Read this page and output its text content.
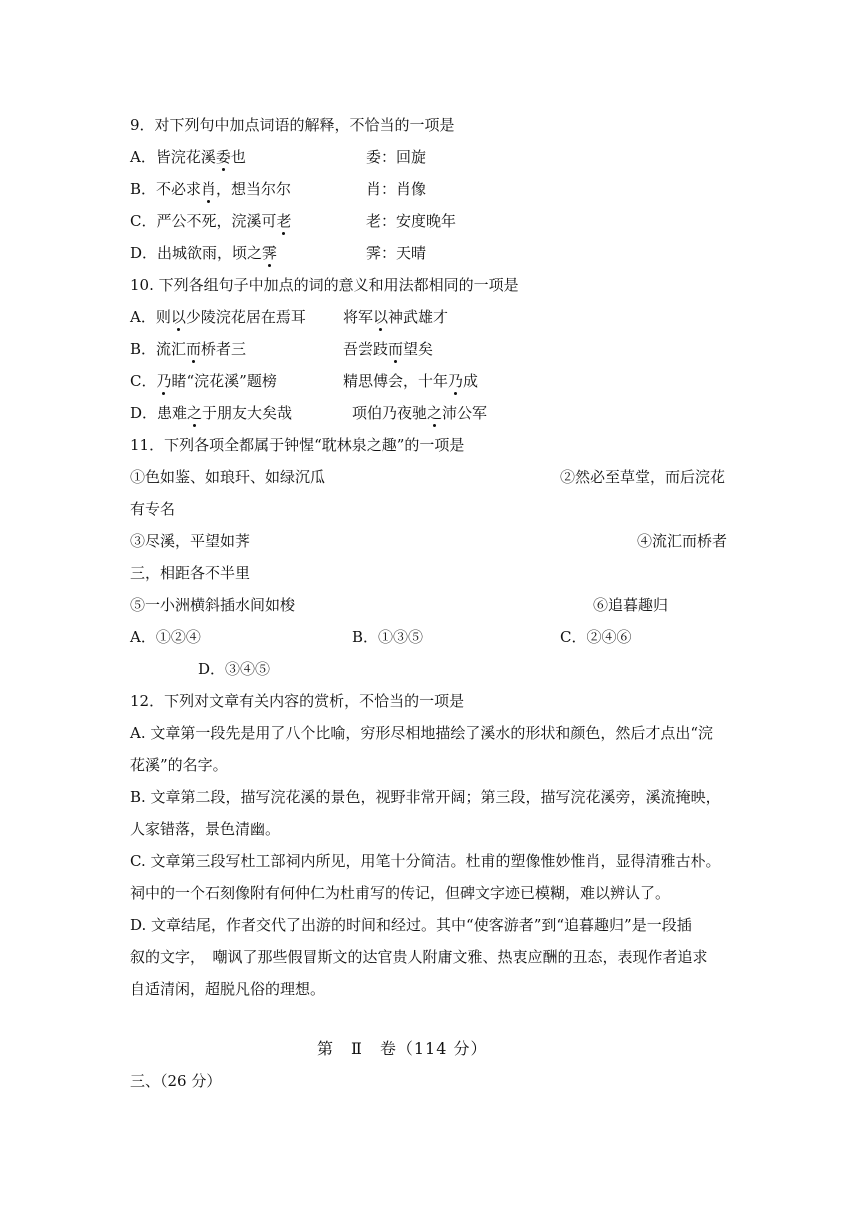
9．对下列句中加点词语的解释，不恰当的一项是
A．皆浣花溪委也	委：回旋
B．不必求肖，想当尔尔	肖：肖像
C．严公不死，浣溪可老	老：安度晚年
D．出城欲雨，顷之霁	霁：天晴
10. 下列各组句子中加点的词的意义和用法都相同的一项是
A．则以少陵浣花居在焉耳 将军以神武雄才
B．流汇而桥者三	吾尝跂而望矣
C．乃睹“浣花溪”题榜	精思傅会，十年乃成
D．患难之于朋友大矣哉	项伯乃夜驰之沛公军
11．下列各项全都属于钟惺“耽林泉之趣”的一项是
①色如鉴、如琅玕、如绿沉瓜	②然必至草堂，而后浣花
有专名
③尽溪，平望如荠	④流汇而桥者
三，相距各不半里
⑤一小洲横斜插水间如梭	⑥追暮趣归
A．①②④	B．①③⑤	C．②④⑥
D．③④⑤
12．下列对文章有关内容的赏析，不恰当的一项是
A. 文章第一段先是用了八个比喻，穷形尽相地描绘了溪水的形状和颜色，然后才点出“浣
花溪”的名字。
B. 文章第二段，描写浣花溪的景色，视野非常开阔；第三段，描写浣花溪旁，溪流掩映，
人家错落，景色清幽。
C. 文章第三段写杜工部祠内所见，用笔十分简洁。杜甫的塑像惟妙惟肖，显得清雅古朴。
祠中的一个石刻像附有何仲仁为杜甫写的传记，但碑文字迹已模糊，难以辨认了。
D. 文章结尾，作者交代了出游的时间和经过。其中“使客游者”到“追暮趣归”是一段插
叙的文字，　嘲讽了那些假冒斯文的达官贵人附庸文雅、热衷应酬的丑态，表现作者追求
自适清闲，超脱凡俗的理想。
第　Ⅱ　卷（114 分）
三、（26 分）
